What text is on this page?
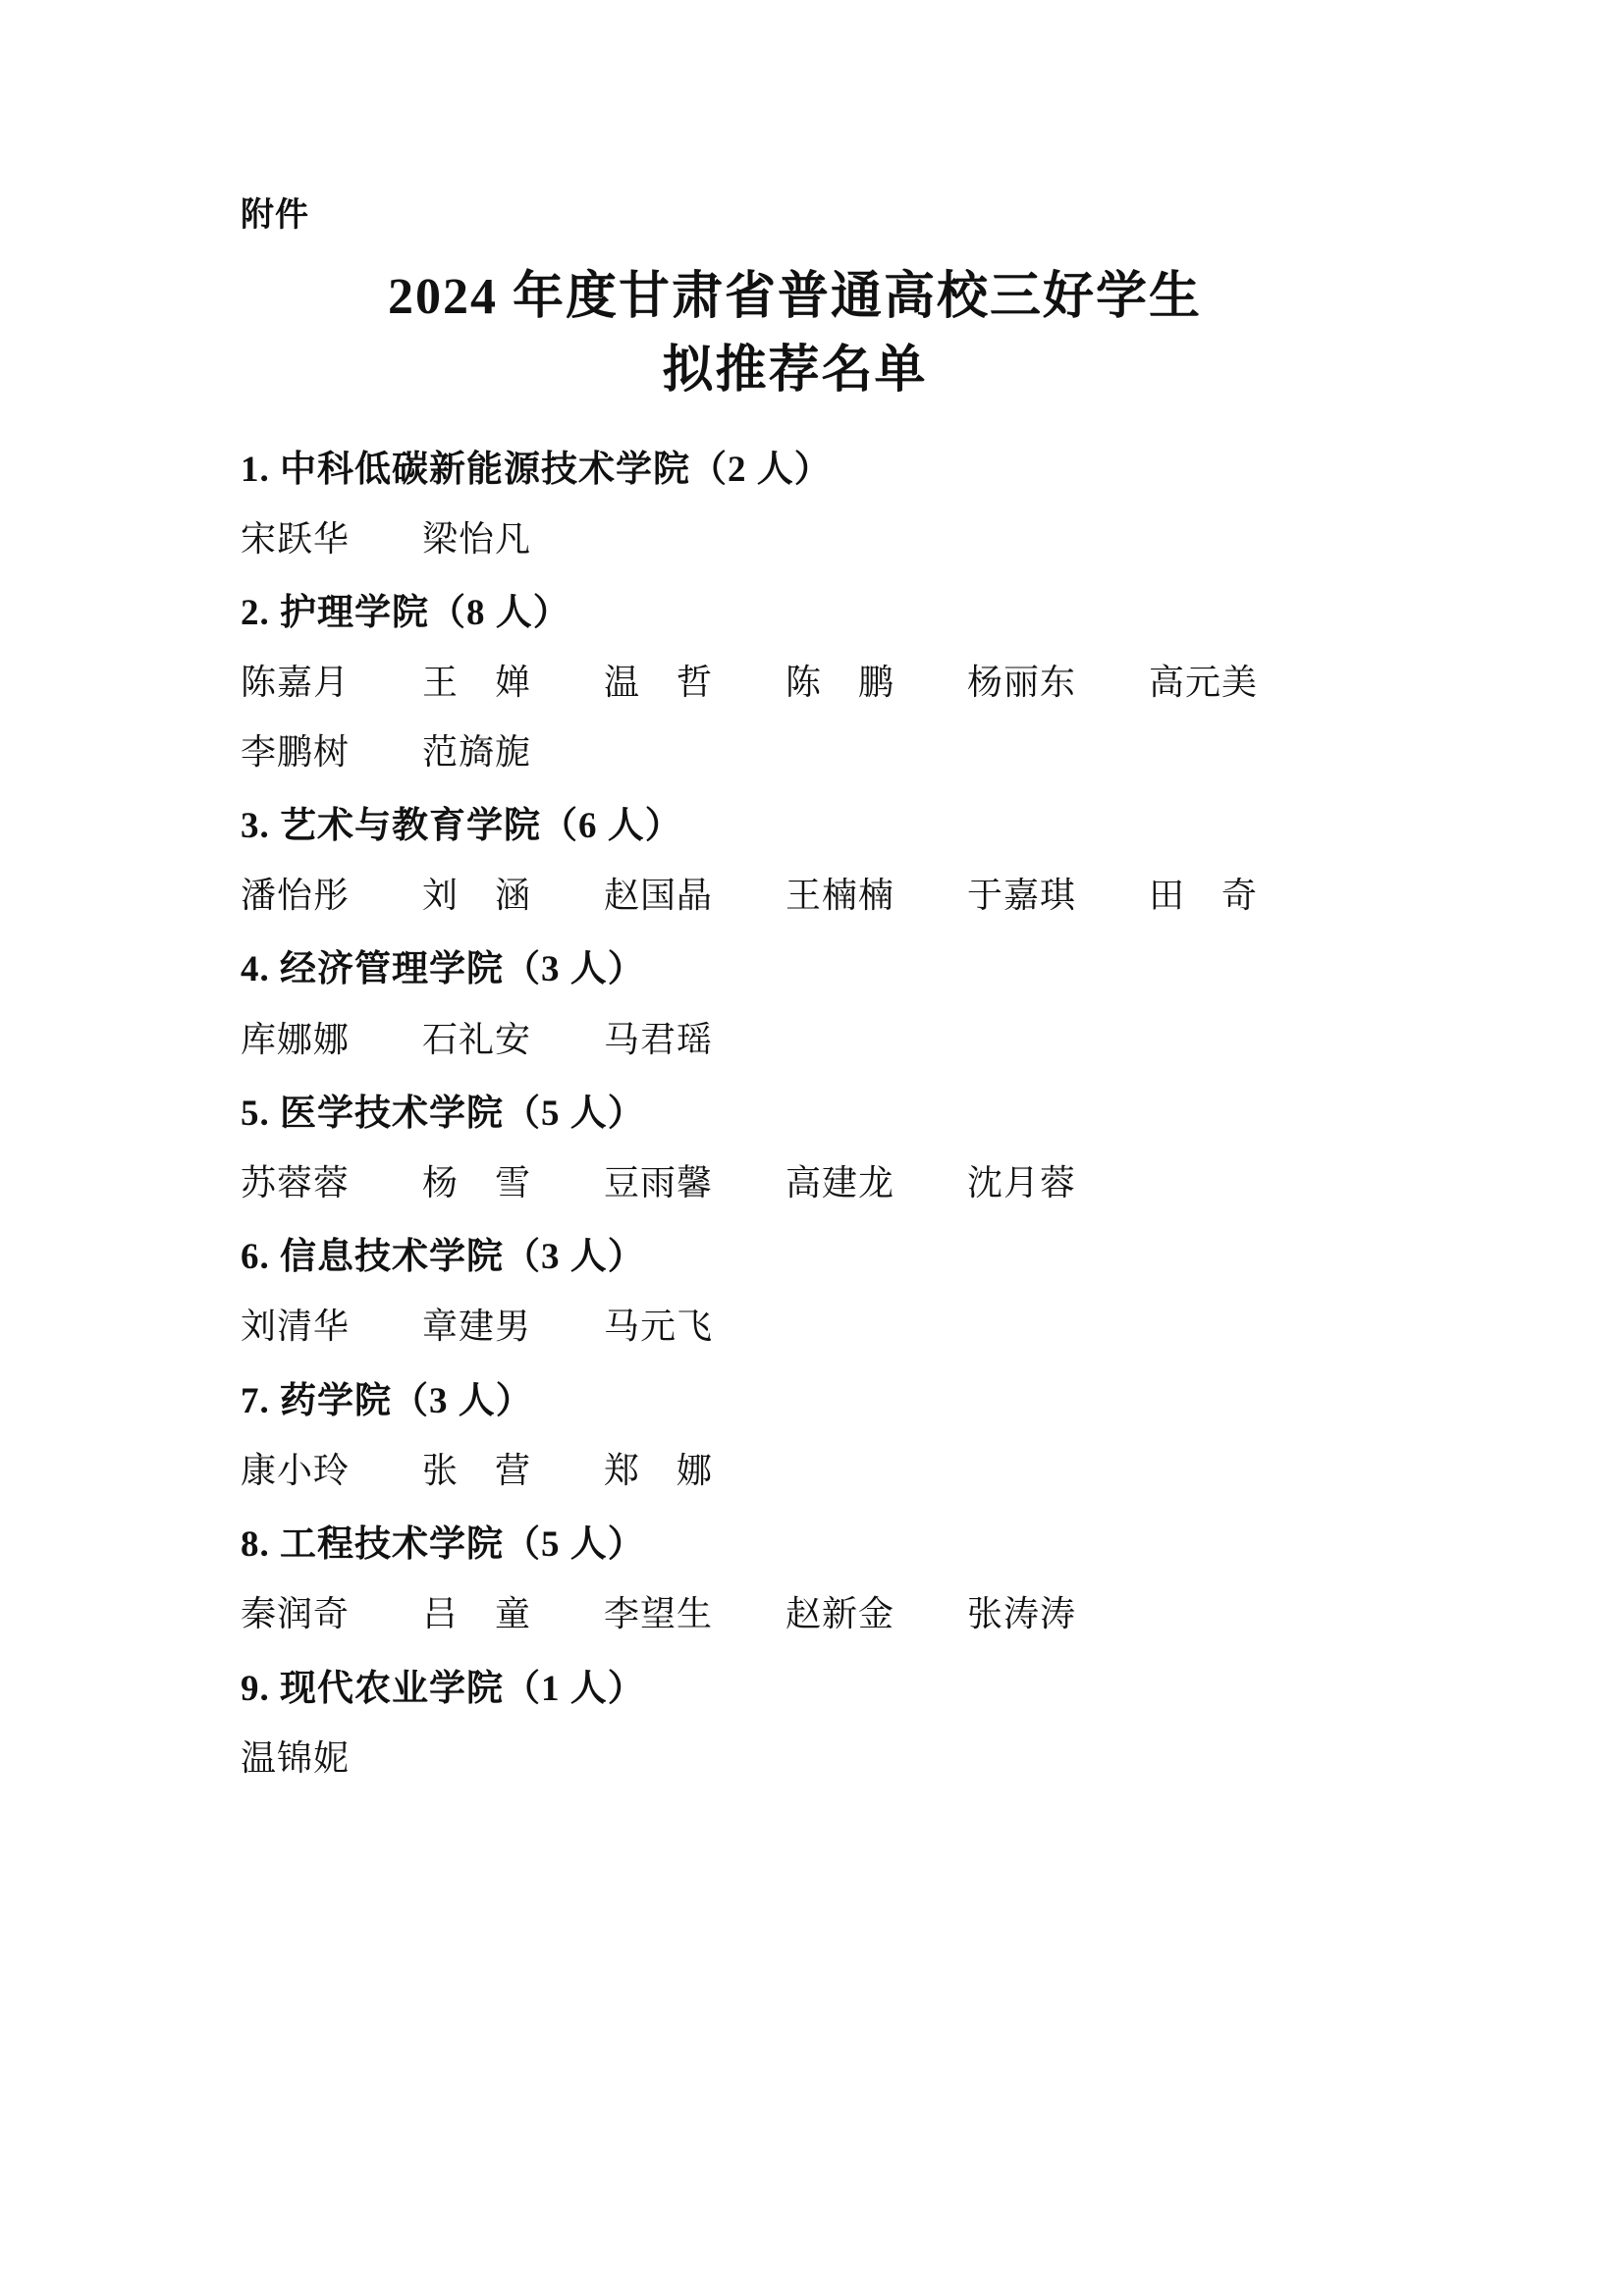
附件
2024 年度甘肃省普通高校三好学生
拟推荐名单

1. 中科低碳新能源技术学院（2 人）

宋跃华　　梁怡凡

2. 护理学院（8 人）

陈嘉月　　王　婵　　温　哲　　陈　鹏　　杨丽东　　高元美

李鹏树　　范旖旎

3. 艺术与教育学院（6 人）

潘怡彤　　刘　涵　　赵国晶　　王楠楠　　于嘉琪　　田　奇

4. 经济管理学院（3 人）

库娜娜　　石礼安　　马君瑶

5. 医学技术学院（5 人）

苏蓉蓉　　杨　雪　　豆雨馨　　高建龙　　沈月蓉

6. 信息技术学院（3 人）

刘清华　　章建男　　马元飞

7. 药学院（3 人）

康小玲　　张　营　　郑　娜

8. 工程技术学院（5 人）

秦润奇　　吕　童　　李望生　　赵新金　　张涛涛

9. 现代农业学院（1 人）

温锦妮
